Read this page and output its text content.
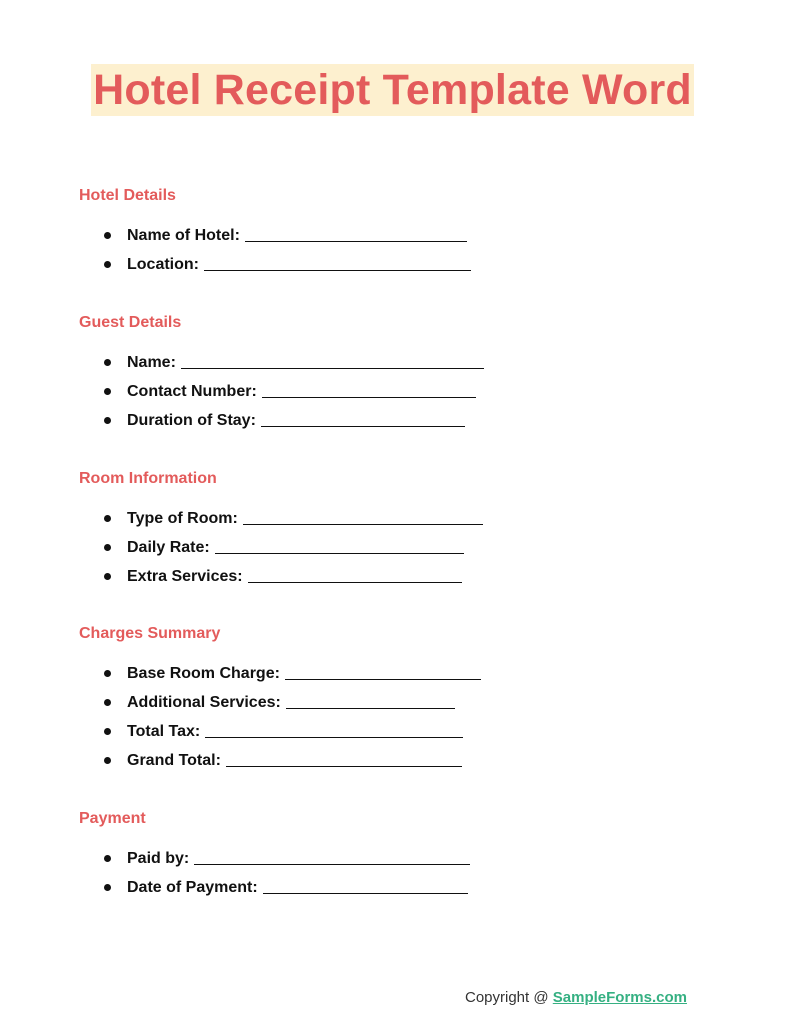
Hotel Receipt Template Word
Hotel Details
Name of Hotel:
Location:
Guest Details
Name:
Contact Number:
Duration of Stay:
Room Information
Type of Room:
Daily Rate:
Extra Services:
Charges Summary
Base Room Charge:
Additional Services:
Total Tax:
Grand Total:
Payment
Paid by:
Date of Payment:
Copyright @ SampleForms.com
